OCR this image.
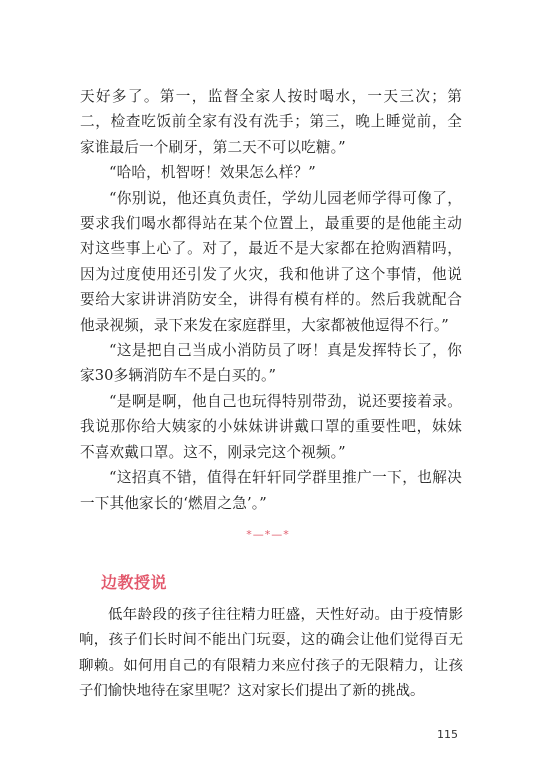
天好多了。第一，监督全家人按时喝水，一天三次；第二，检查吃饭前全家有没有洗手；第三，晚上睡觉前，全家谁最后一个刷牙，第二天不可以吃糖。”

“哈哈，机智呀！效果怎么样？”

“你别说，他还真负责任，学幼儿园老师学得可像了，要求我们喝水都得站在某个位置上，最重要的是他能主动对这些事上心了。对了，最近不是大家都在抢购酒精吗，因为过度使用还引发了火灾，我和他讲了这个事情，他说要给大家讲讲消防安全，讲得有模有样的。然后我就配合他录视频，录下来发在家庭群里，大家都被他逗得不行。”

“这是把自己当成小消防员了呀！真是发挥特长了，你家30多辆消防车不是白买的。”

“是啊是啊，他自己也玩得特别带劲，说还要接着录。我说那你给大姨家的小妹妹讲讲戴口罩的重要性吧，妹妹不喜欢戴口罩。这不，刚录完这个视频。”

“这招真不错，值得在轩轩同学群里推广一下，也解决一下其他家长的‘燃眉之急’。”

*—*—*
边教授说

低年龄段的孩子往往精力旺盛，天性好动。由于疫情影响，孩子们长时间不能出门玩耍，这的确会让他们觉得百无聊赖。如何用自己的有限精力来应付孩子的无限精力，让孩子们愉快地待在家里呢？这对家长们提出了新的挑战。

115
